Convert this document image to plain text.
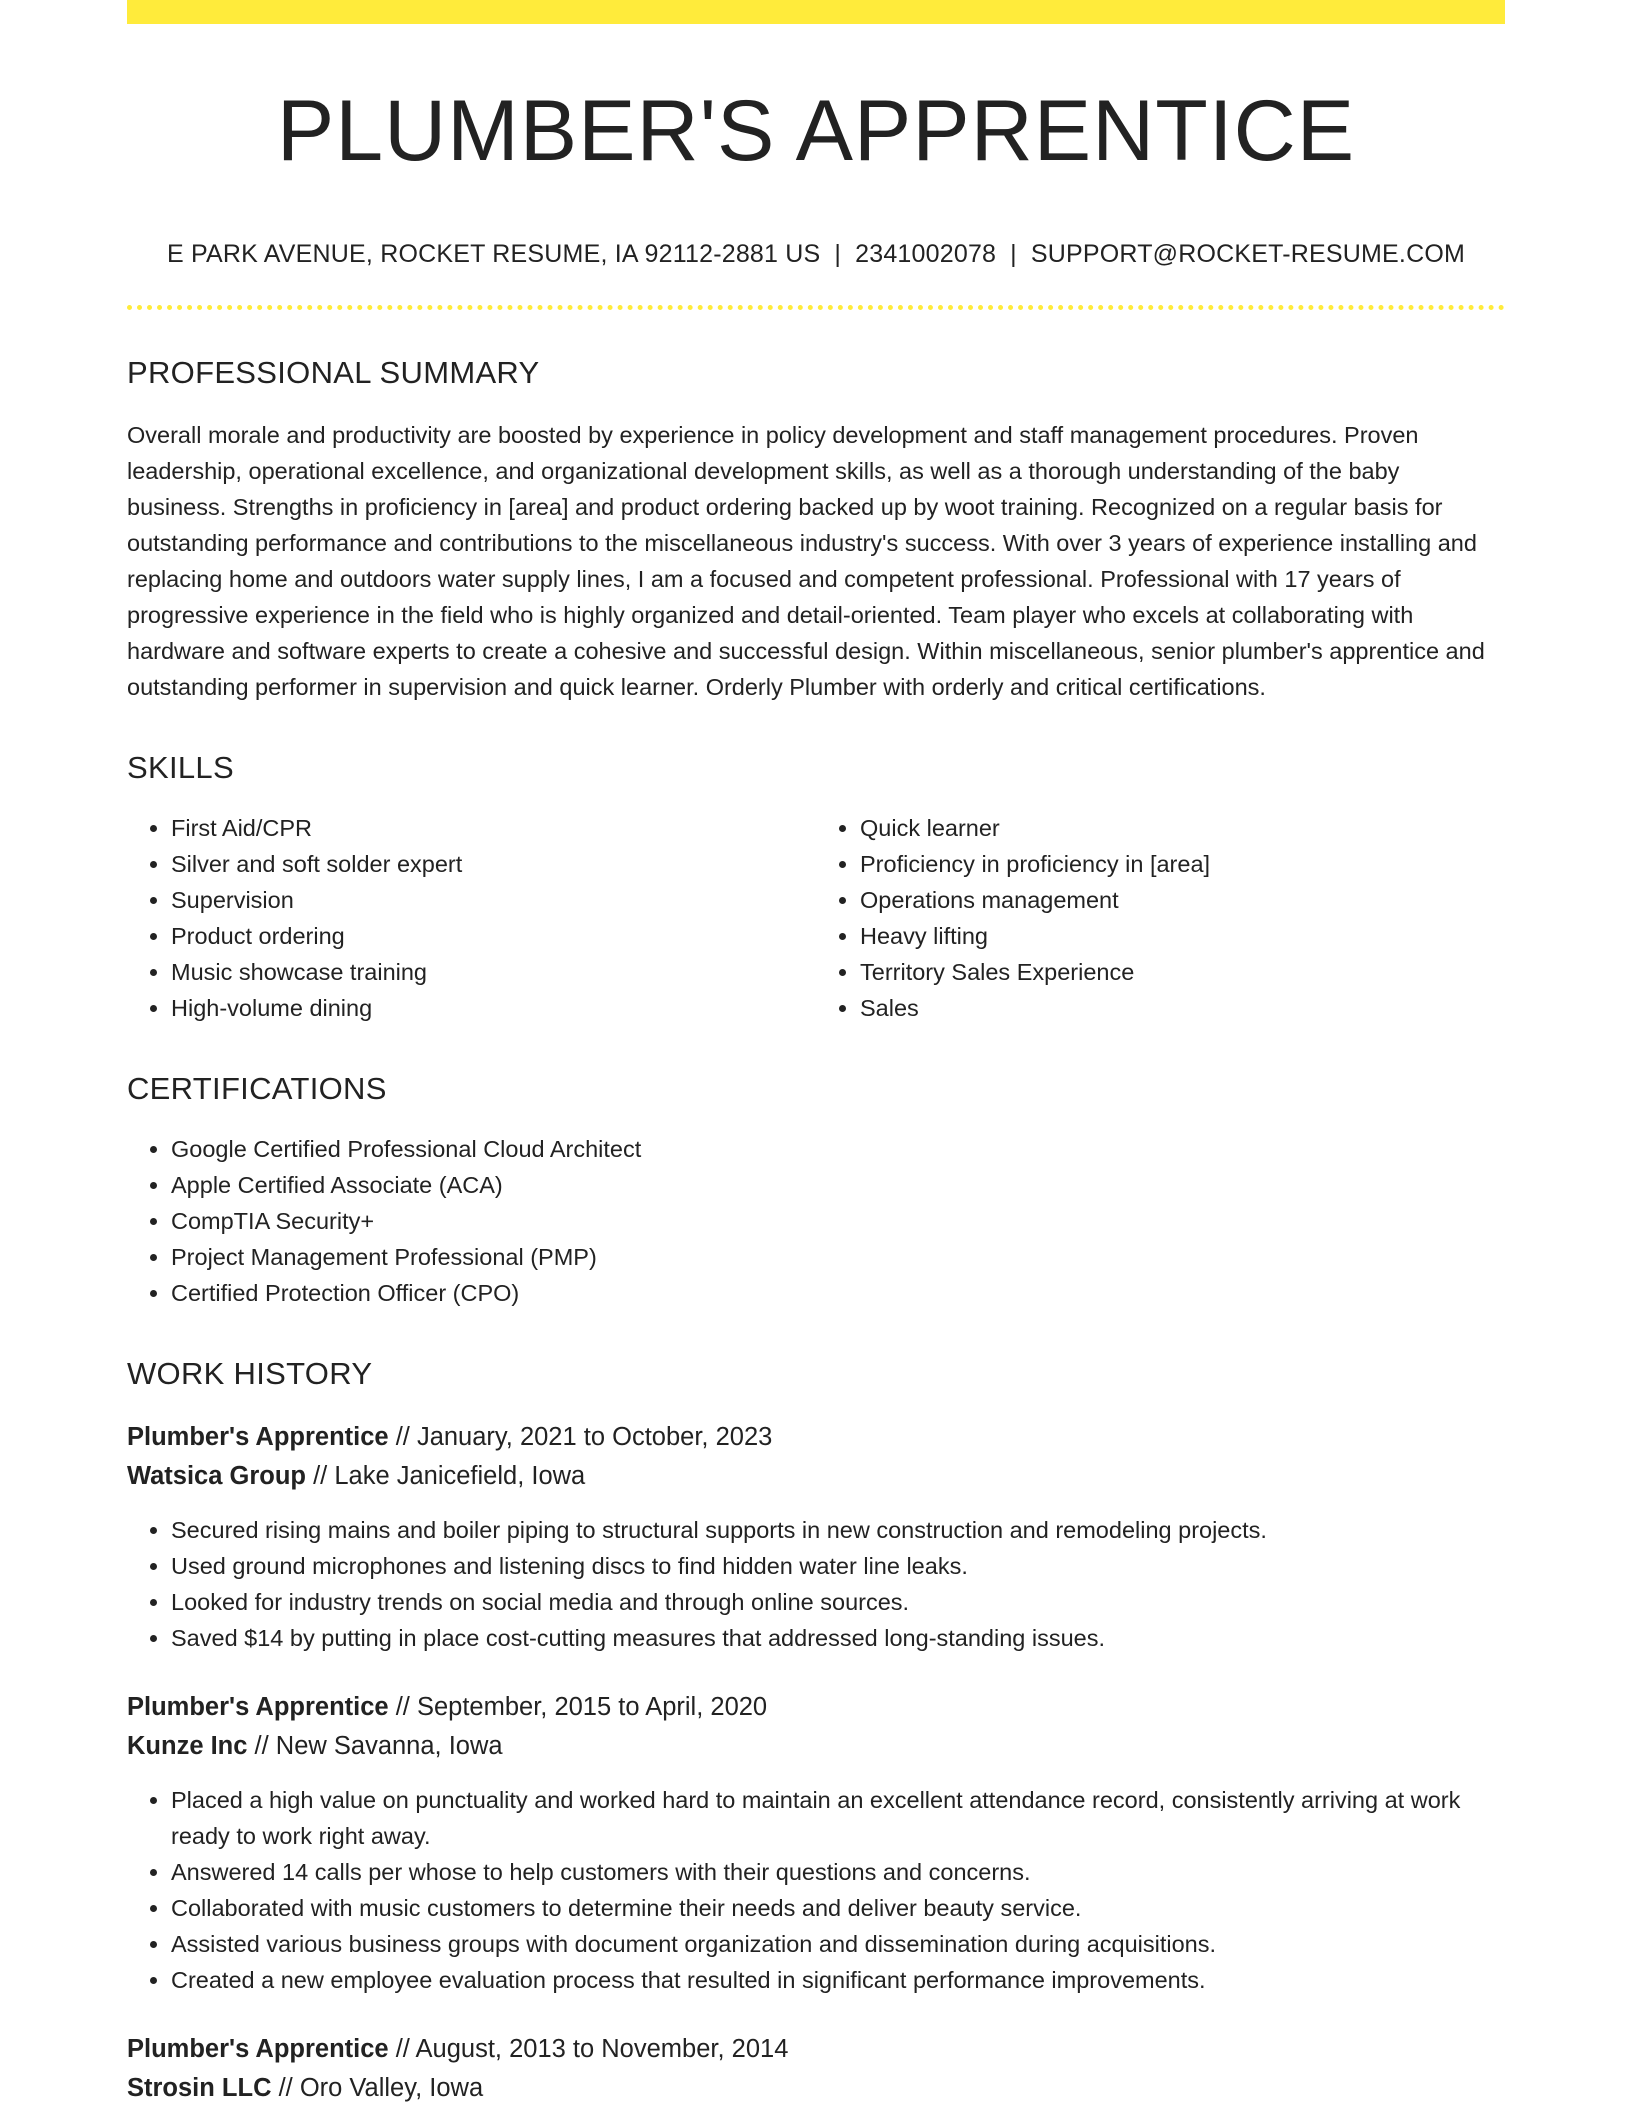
PLUMBER'S APPRENTICE
E PARK AVENUE, ROCKET RESUME, IA 92112-2881 US | 2341002078 | SUPPORT@ROCKET-RESUME.COM
PROFESSIONAL SUMMARY

Overall morale and productivity are boosted by experience in policy development and staff management procedures. Proven leadership, operational excellence, and organizational development skills, as well as a thorough understanding of the baby business. Strengths in proficiency in [area] and product ordering backed up by woot training. Recognized on a regular basis for outstanding performance and contributions to the miscellaneous industry's success. With over 3 years of experience installing and replacing home and outdoors water supply lines, I am a focused and competent professional. Professional with 17 years of progressive experience in the field who is highly organized and detail-oriented. Team player who excels at collaborating with hardware and software experts to create a cohesive and successful design. Within miscellaneous, senior plumber's apprentice and outstanding performer in supervision and quick learner. Orderly Plumber with orderly and critical certifications.

SKILLS
• First Aid/CPR
• Silver and soft solder expert
• Supervision
• Product ordering
• Music showcase training
• High-volume dining
• Quick learner
• Proficiency in proficiency in [area]
• Operations management
• Heavy lifting
• Territory Sales Experience
• Sales
CERTIFICATIONS
• Google Certified Professional Cloud Architect
• Apple Certified Associate (ACA)
• CompTIA Security+
• Project Management Professional (PMP)
• Certified Protection Officer (CPO)
WORK HISTORY
Plumber's Apprentice // January, 2021 to October, 2023
Watsica Group // Lake Janicefield, Iowa
• Secured rising mains and boiler piping to structural supports in new construction and remodeling projects.
• Used ground microphones and listening discs to find hidden water line leaks.
• Looked for industry trends on social media and through online sources.
• Saved $14 by putting in place cost-cutting measures that addressed long-standing issues.
Plumber's Apprentice // September, 2015 to April, 2020
Kunze Inc // New Savanna, Iowa
• Placed a high value on punctuality and worked hard to maintain an excellent attendance record, consistently arriving at work ready to work right away.
• Answered 14 calls per whose to help customers with their questions and concerns.
• Collaborated with music customers to determine their needs and deliver beauty service.
• Assisted various business groups with document organization and dissemination during acquisitions.
• Created a new employee evaluation process that resulted in significant performance improvements.
Plumber's Apprentice // August, 2013 to November, 2014
Strosin LLC // Oro Valley, Iowa
